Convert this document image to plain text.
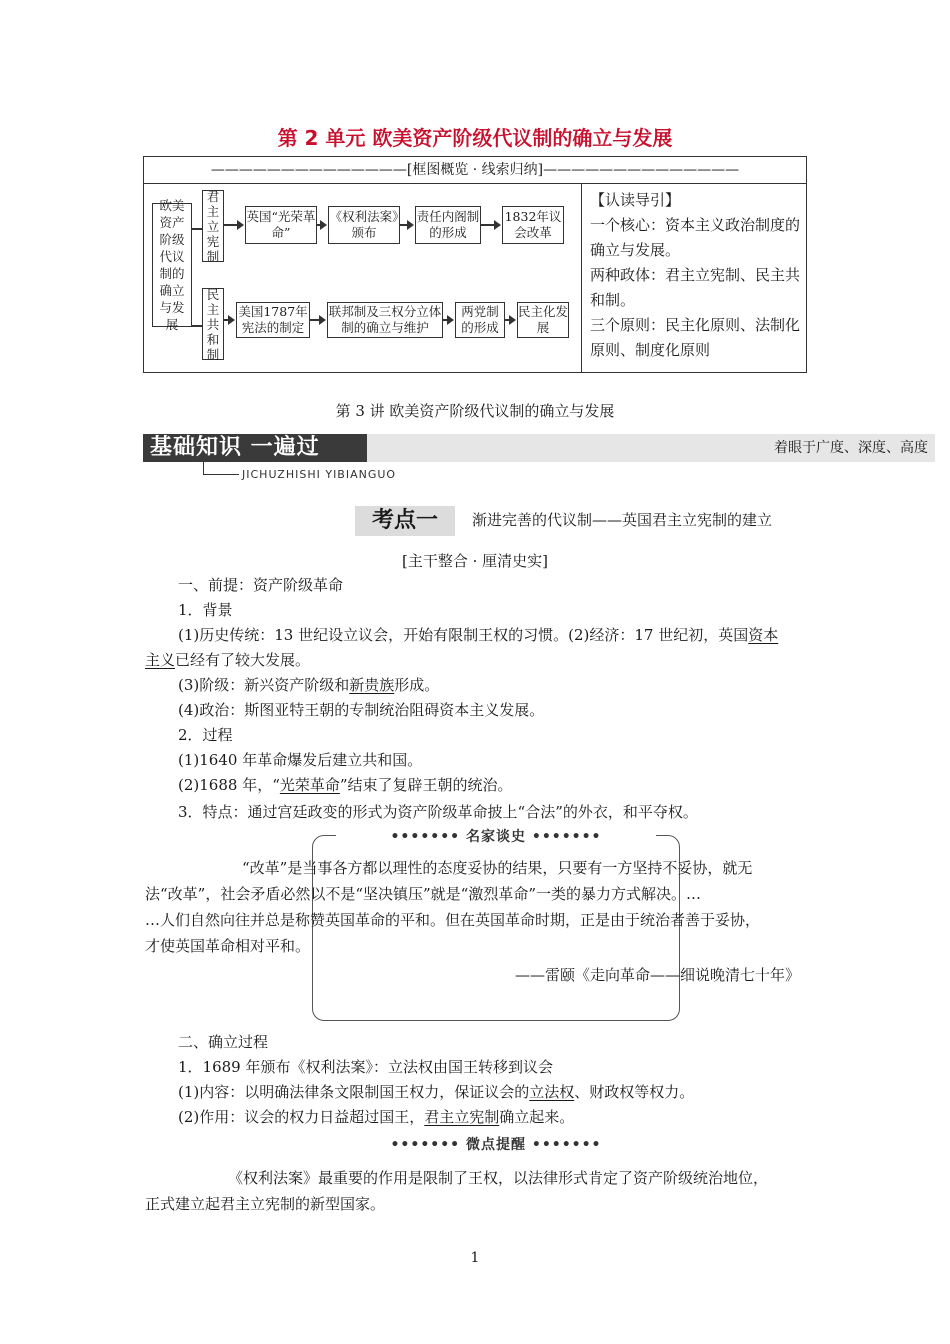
第 2 单元 欧美资产阶级代议制的确立与发展
——————————————[框图概览 · 线索归纳]——————————————
欧美资产阶级代议制的确立与发展
君主立宪制
英国“光荣革命”
《权利法案》颁布
责任内阁制的形成
1832年议会改革
民主共和制
美国1787年宪法的制定
联邦制及三权分立体制的确立与维护
两党制的形成
民主化发展
【认读导引】
一个核心：资本主义政治制度的确立与发展。
两种政体：君主立宪制、民主共和制。
三个原则：民主化原则、法制化原则、制度化原则
第 3 讲 欧美资产阶级代议制的确立与发展
基础知识 一遍过	着眼于广度、深度、高度
JICHUZHISHI YIBIANGUO
考点一	渐进完善的代议制——英国君主立宪制的建立
[主干整合 · 厘清史实]
一、前提：资产阶级革命
1．背景
(1)历史传统：13 世纪设立议会，开始有限制王权的习惯。(2)经济：17 世纪初，英国资本
主义已经有了较大发展。
(3)阶级：新兴资产阶级和新贵族形成。
(4)政治：斯图亚特王朝的专制统治阻碍资本主义发展。
2．过程
(1)1640 年革命爆发后建立共和国。
(2)1688 年，“光荣革命”结束了复辟王朝的统治。
3．特点：通过宫廷政变的形式为资产阶级革命披上“合法”的外衣，和平夺权。
••••••• 名家谈史 •••••••
“改革”是当事各方都以理性的态度妥协的结果，只要有一方坚持不妥协，就无
法“改革”，社会矛盾必然以不是“坚决镇压”就是“激烈革命”一类的暴力方式解决。…
…人们自然向往并总是称赞英国革命的平和。但在英国革命时期，正是由于统治者善于妥协，
才使英国革命相对平和。
——雷颐《走向革命——细说晚清七十年》
二、确立过程
1．1689 年颁布《权利法案》：立法权由国王转移到议会
(1)内容：以明确法律条文限制国王权力，保证议会的立法权、财政权等权力。
(2)作用：议会的权力日益超过国王，君主立宪制确立起来。
••••••• 微点提醒 •••••••
《权利法案》最重要的作用是限制了王权，以法律形式肯定了资产阶级统治地位，
正式建立起君主立宪制的新型国家。
1
